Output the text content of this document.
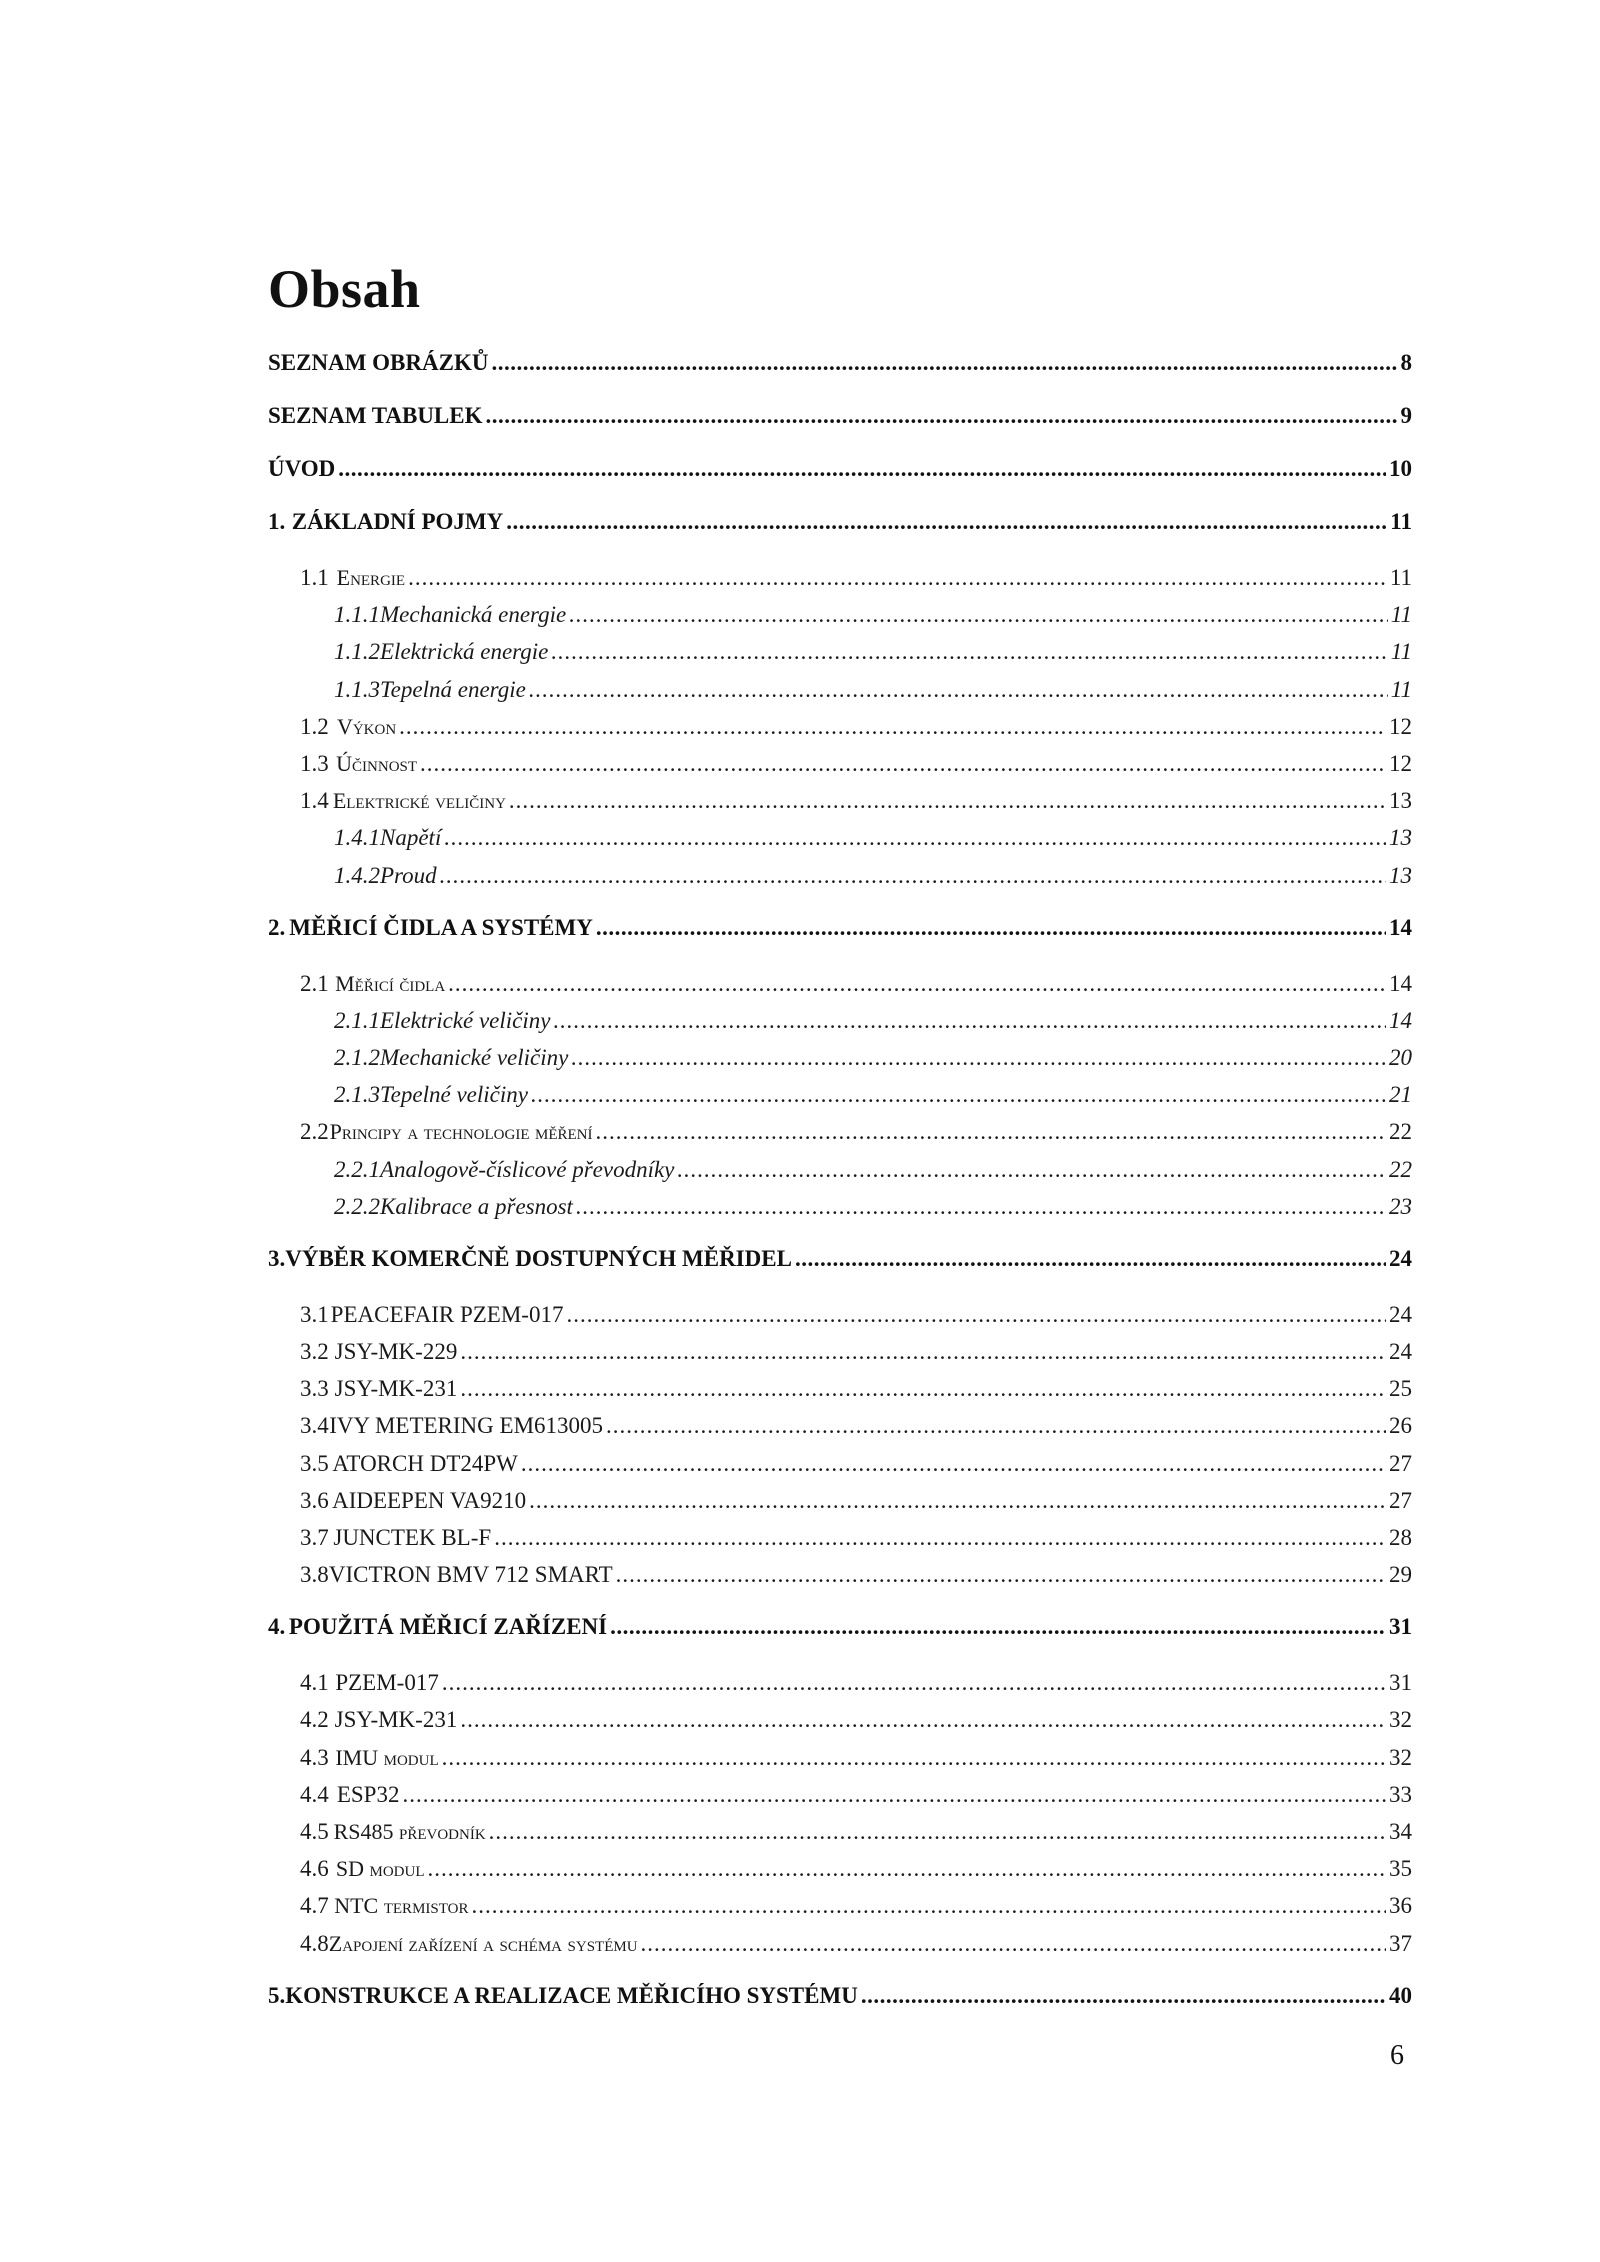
Obsah
SEZNAM OBRÁZKŮ .....	8
SEZNAM TABULEK .....	9
ÚVOD .....	10
1. ZÁKLADNÍ POJMY .....	11
1.1 Energie .....	11
1.1.1 Mechanická energie .....	11
1.1.2 Elektrická energie .....	11
1.1.3 Tepelná energie .....	11
1.2 Výkon .....	12
1.3 Účinnost .....	12
1.4 Elektrické veličiny .....	13
1.4.1 Napětí .....	13
1.4.2 Proud .....	13
2. MĚŘICÍ ČIDLA A SYSTÉMY .....	14
2.1 Měřicí čidla .....	14
2.1.1 Elektrické veličiny .....	14
2.1.2 Mechanické veličiny .....	20
2.1.3 Tepelné veličiny .....	21
2.2 Principy a technologie měření .....	22
2.2.1 Analogově-číslicové převodníky .....	22
2.2.2 Kalibrace a přesnost .....	23
3. VÝBĚR KOMERČNĚ DOSTUPNÝCH MĚŘIDEL .....	24
3.1 PEACEFAIR PZEM-017 .....	24
3.2 JSY-MK-229 .....	24
3.3 JSY-MK-231 .....	25
3.4 IVY METERING EM613005 .....	26
3.5 ATORCH DT24PW .....	27
3.6 AIDEEPEN VA9210 .....	27
3.7 JUNCTEK BL-F .....	28
3.8 VICTRON BMV 712 SMART .....	29
4. POUŽITÁ MĚŘICÍ ZAŘÍZENÍ .....	31
4.1 PZEM-017 .....	31
4.2 JSY-MK-231 .....	32
4.3 IMU modul .....	32
4.4 ESP32 .....	33
4.5 RS485 převodník .....	34
4.6 SD modul .....	35
4.7 NTC termistor .....	36
4.8 Zapojení zařízení a schéma systému .....	37
5. KONSTRUKCE A REALIZACE MĚŘICÍHO SYSTÉMU .....	40
6
